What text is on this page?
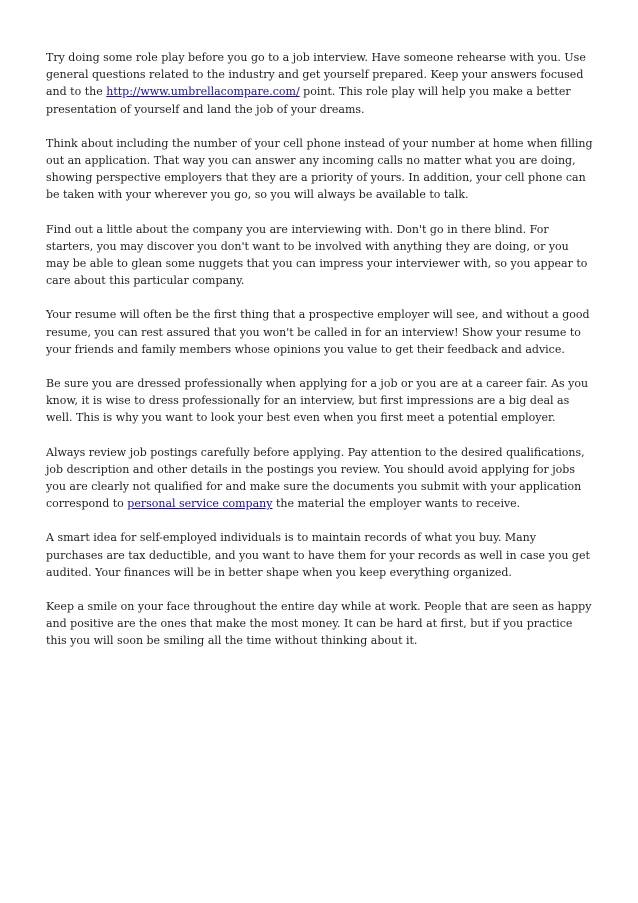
Try doing some role play before you go to a job interview. Have someone rehearse with you. Use general questions related to the industry and get yourself prepared. Keep your answers focused and to the http://www.umbrellacompare.com/ point. This role play will help you make a better presentation of yourself and land the job of your dreams.

Think about including the number of your cell phone instead of your number at home when filling out an application. That way you can answer any incoming calls no matter what you are doing, showing perspective employers that they are a priority of yours. In addition, your cell phone can be taken with your wherever you go, so you will always be available to talk.

Find out a little about the company you are interviewing with. Don't go in there blind. For starters, you may discover you don't want to be involved with anything they are doing, or you may be able to glean some nuggets that you can impress your interviewer with, so you appear to care about this particular company.

Your resume will often be the first thing that a prospective employer will see, and without a good resume, you can rest assured that you won't be called in for an interview! Show your resume to your friends and family members whose opinions you value to get their feedback and advice.

Be sure you are dressed professionally when applying for a job or you are at a career fair. As you know, it is wise to dress professionally for an interview, but first impressions are a big deal as well. This is why you want to look your best even when you first meet a potential employer.

Always review job postings carefully before applying. Pay attention to the desired qualifications, job description and other details in the postings you review. You should avoid applying for jobs you are clearly not qualified for and make sure the documents you submit with your application correspond to personal service company the material the employer wants to receive.

A smart idea for self-employed individuals is to maintain records of what you buy. Many purchases are tax deductible, and you want to have them for your records as well in case you get audited. Your finances will be in better shape when you keep everything organized.

Keep a smile on your face throughout the entire day while at work. People that are seen as happy and positive are the ones that make the most money. It can be hard at first, but if you practice this you will soon be smiling all the time without thinking about it.
